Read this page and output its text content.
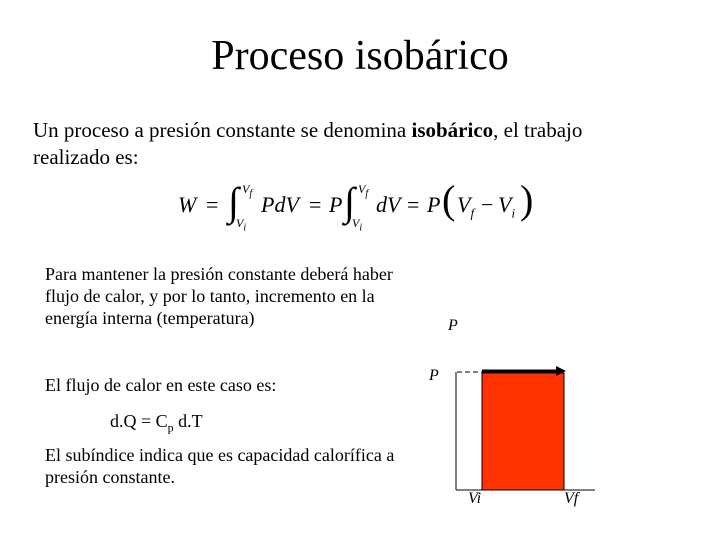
Proceso isobárico
Un proceso a presión constante se denomina isobárico, el trabajo realizado es:
W = ∫ $V_f$
$V_i$
PdV = P ∫ $V_f$
$V_i$
dV = P ( $V_f - V_i$ )
Para mantener la presión constante deberá haber flujo de calor, y por lo tanto, incremento en la energía interna (temperatura)
El flujo de calor en este caso es:
$d.Q = C_p$ d.T
El subíndice indica que es capacidad calorífica a presión constante.
P
P
Vi	Vf
